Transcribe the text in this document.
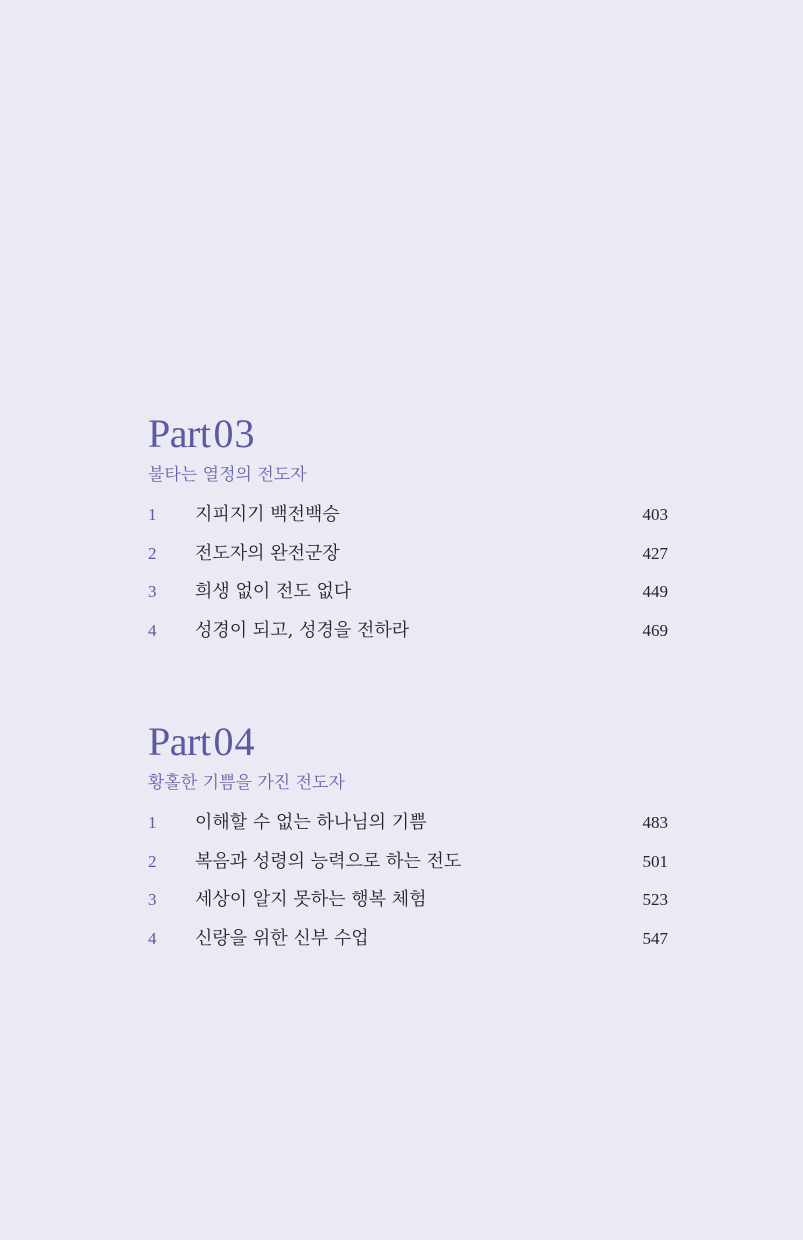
Part03
불타는 열정의 전도자
1 지피지기 백전백승	403
2 전도자의 완전군장	427
3 희생 없이 전도 없다	449
4 성경이 되고, 성경을 전하라	469
Part04
황홀한 기쁨을 가진 전도자
1 이해할 수 없는 하나님의 기쁨	483
2 복음과 성령의 능력으로 하는 전도	501
3 세상이 알지 못하는 행복 체험	523
4 신랑을 위한 신부 수업	547
